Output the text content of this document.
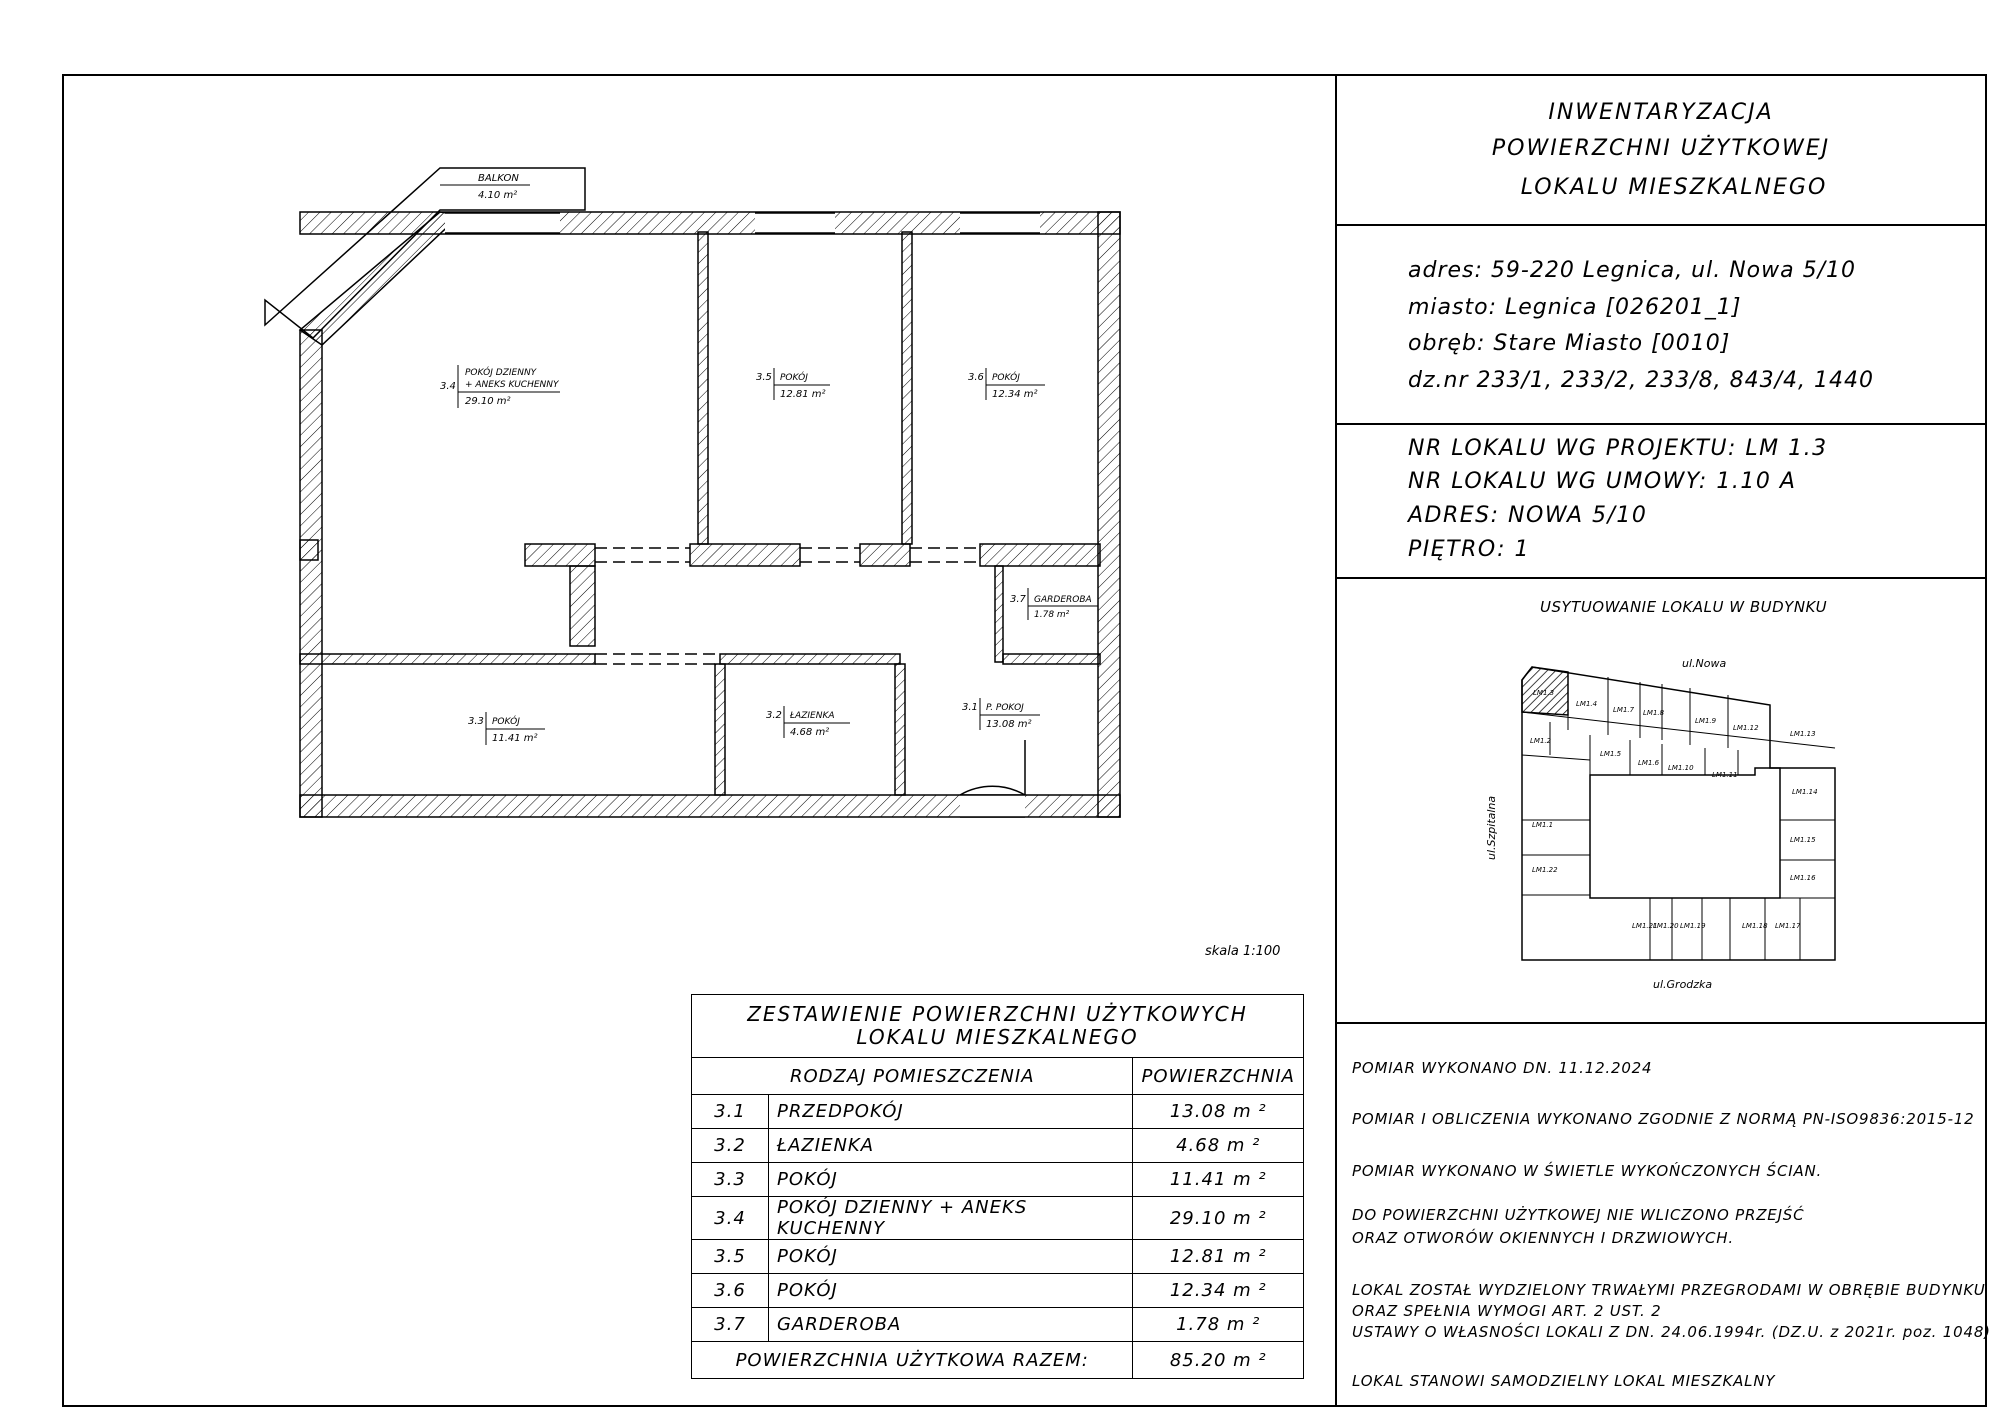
INWENTARYZACJA
POWIERZCHNI UŻYTKOWEJ
LOKALU MIESZKALNEGO
adres: 59-220 Legnica, ul. Nowa 5/10
miasto: Legnica [026201_1]
obręb: Stare Miasto [0010]
dz.nr 233/1, 233/2, 233/8, 843/4, 1440
NR LOKALU WG PROJEKTU: LM 1.3
NR LOKALU WG UMOWY: 1.10 A
ADRES: NOWA 5/10
PIĘTRO: 1
USYTUOWANIE LOKALU W BUDYNKU
ul.Nowa
ul.Szpitalna
ul.Grodzka
LM1.3
LM1.4
LM1.7 LM1.8
LM1.9
LM1.12
LM1.13
LM1.2
LM1.5
LM1.6
LM1.10
LM1.11
LM1.14
LM1.1
LM1.15
LM1.22
LM1.16
LM1.21
LM1.20 LM1.19	LM1.18 LM1.17
POMIAR WYKONANO DN. 11.12.2024
POMIAR I OBLICZENIA WYKONANO ZGODNIE Z NORMĄ PN-ISO9836:2015-12
POMIAR WYKONANO W ŚWIETLE WYKOŃCZONYCH ŚCIAN.
DO POWIERZCHNI UŻYTKOWEJ NIE WLICZONO PRZEJŚĆ
ORAZ OTWORÓW OKIENNYCH I DRZWIOWYCH.
LOKAL ZOSTAŁ WYDZIELONY TRWAŁYMI PRZEGRODAMI W OBRĘBIE BUDYNKU
ORAZ SPEŁNIA WYMOGI ART. 2 UST. 2
USTAWY O WŁASNOŚCI LOKALI Z DN. 24.06.1994r. (DZ.U. z 2021r. poz. 1048)
LOKAL STANOWI SAMODZIELNY LOKAL MIESZKALNY
BALKON
4.10 m²
3.4
POKÓJ DZIENNY
+ ANEKS KUCHENNY
29.10 m²
3.5 POKÓJ
12.81 m²
3.6 POKÓJ
12.34 m²
3.7 GARDEROBA
1.78 m²
3.3 POKÓJ
11.41 m²
3.2 ŁAZIENKA
4.68 m²
3.1 P. POKOJ
13.08 m²
skala 1:100
ZESTAWIENIE POWIERZCHNI UŻYTKOWYCH
LOKALU MIESZKALNEGO		

RODZAJ POMIESZCZENIA		POWIERZCHNIA
3.1	PRZEDPOKÓJ	13.08 m ²
3.2	ŁAZIENKA	4.68 m ²
3.3	POKÓJ	11.41 m ²
3.4	POKÓJ DZIENNY + ANEKS KUCHENNY	29.10 m ²
3.5	POKÓJ	12.81 m ²
3.6	POKÓJ	12.34 m ²
3.7	GARDEROBA	1.78 m ²
POWIERZCHNIA UŻYTKOWA RAZEM:		85.20 m ²
